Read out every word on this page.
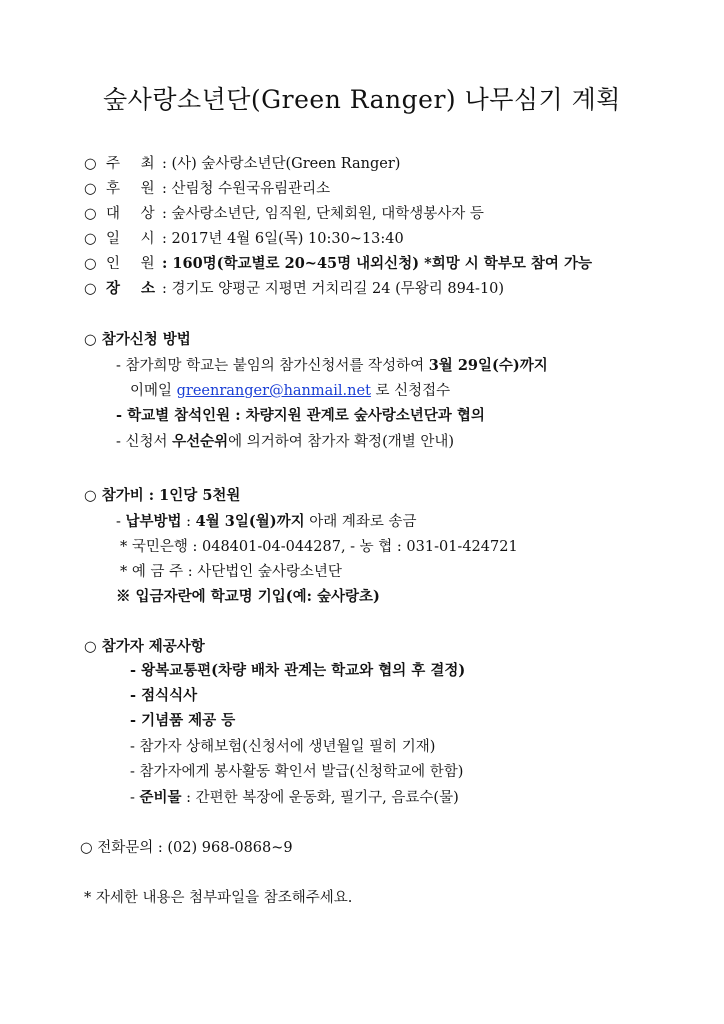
숲사랑소년단(Green Ranger) 나무심기 계획
○ 주 최: (사) 숲사랑소년단(Green Ranger)
○ 후 원: 산림청 수원국유림관리소
○ 대 상: 숲사랑소년단, 임직원, 단체회원, 대학생봉사자 등
○ 일 시: 2017년 4월 6일(목) 10:30~13:40
○ 인 원: 160명(학교별로 20~45명 내외신청) *희망 시 학부모 참여 가능
○ 장 소: 경기도 양평군 지평면 거치리길 24 (무왕리 894-10)
○ 참가신청 방법
- 참가희망 학교는 붙임의 참가신청서를 작성하여 3월 29일(수)까지
이메일 greenranger@hanmail.net 로 신청접수
- 학교별 참석인원 : 차량지원 관계로 숲사랑소년단과 협의
- 신청서 우선순위에 의거하여 참가자 확정(개별 안내)
○ 참가비 : 1인당 5천원
- 납부방법 : 4월 3일(월)까지 아래 계좌로 송금
* 국민은행 : 048401-04-044287, - 농 협 : 031-01-424721
* 예 금 주 : 사단법인 숲사랑소년단
※ 입금자란에 학교명 기입(예: 숲사랑초)
○ 참가자 제공사항
- 왕복교통편(차량 배차 관계는 학교와 협의 후 결정)
- 점식식사
- 기념품 제공 등
- 참가자 상해보험(신청서에 생년월일 필히 기재)
- 참가자에게 봉사활동 확인서 발급(신청학교에 한함)
- 준비물 : 간편한 복장에 운동화, 필기구, 음료수(물)
○ 전화문의 : (02) 968-0868~9
* 자세한 내용은 첨부파일을 참조해주세요.
